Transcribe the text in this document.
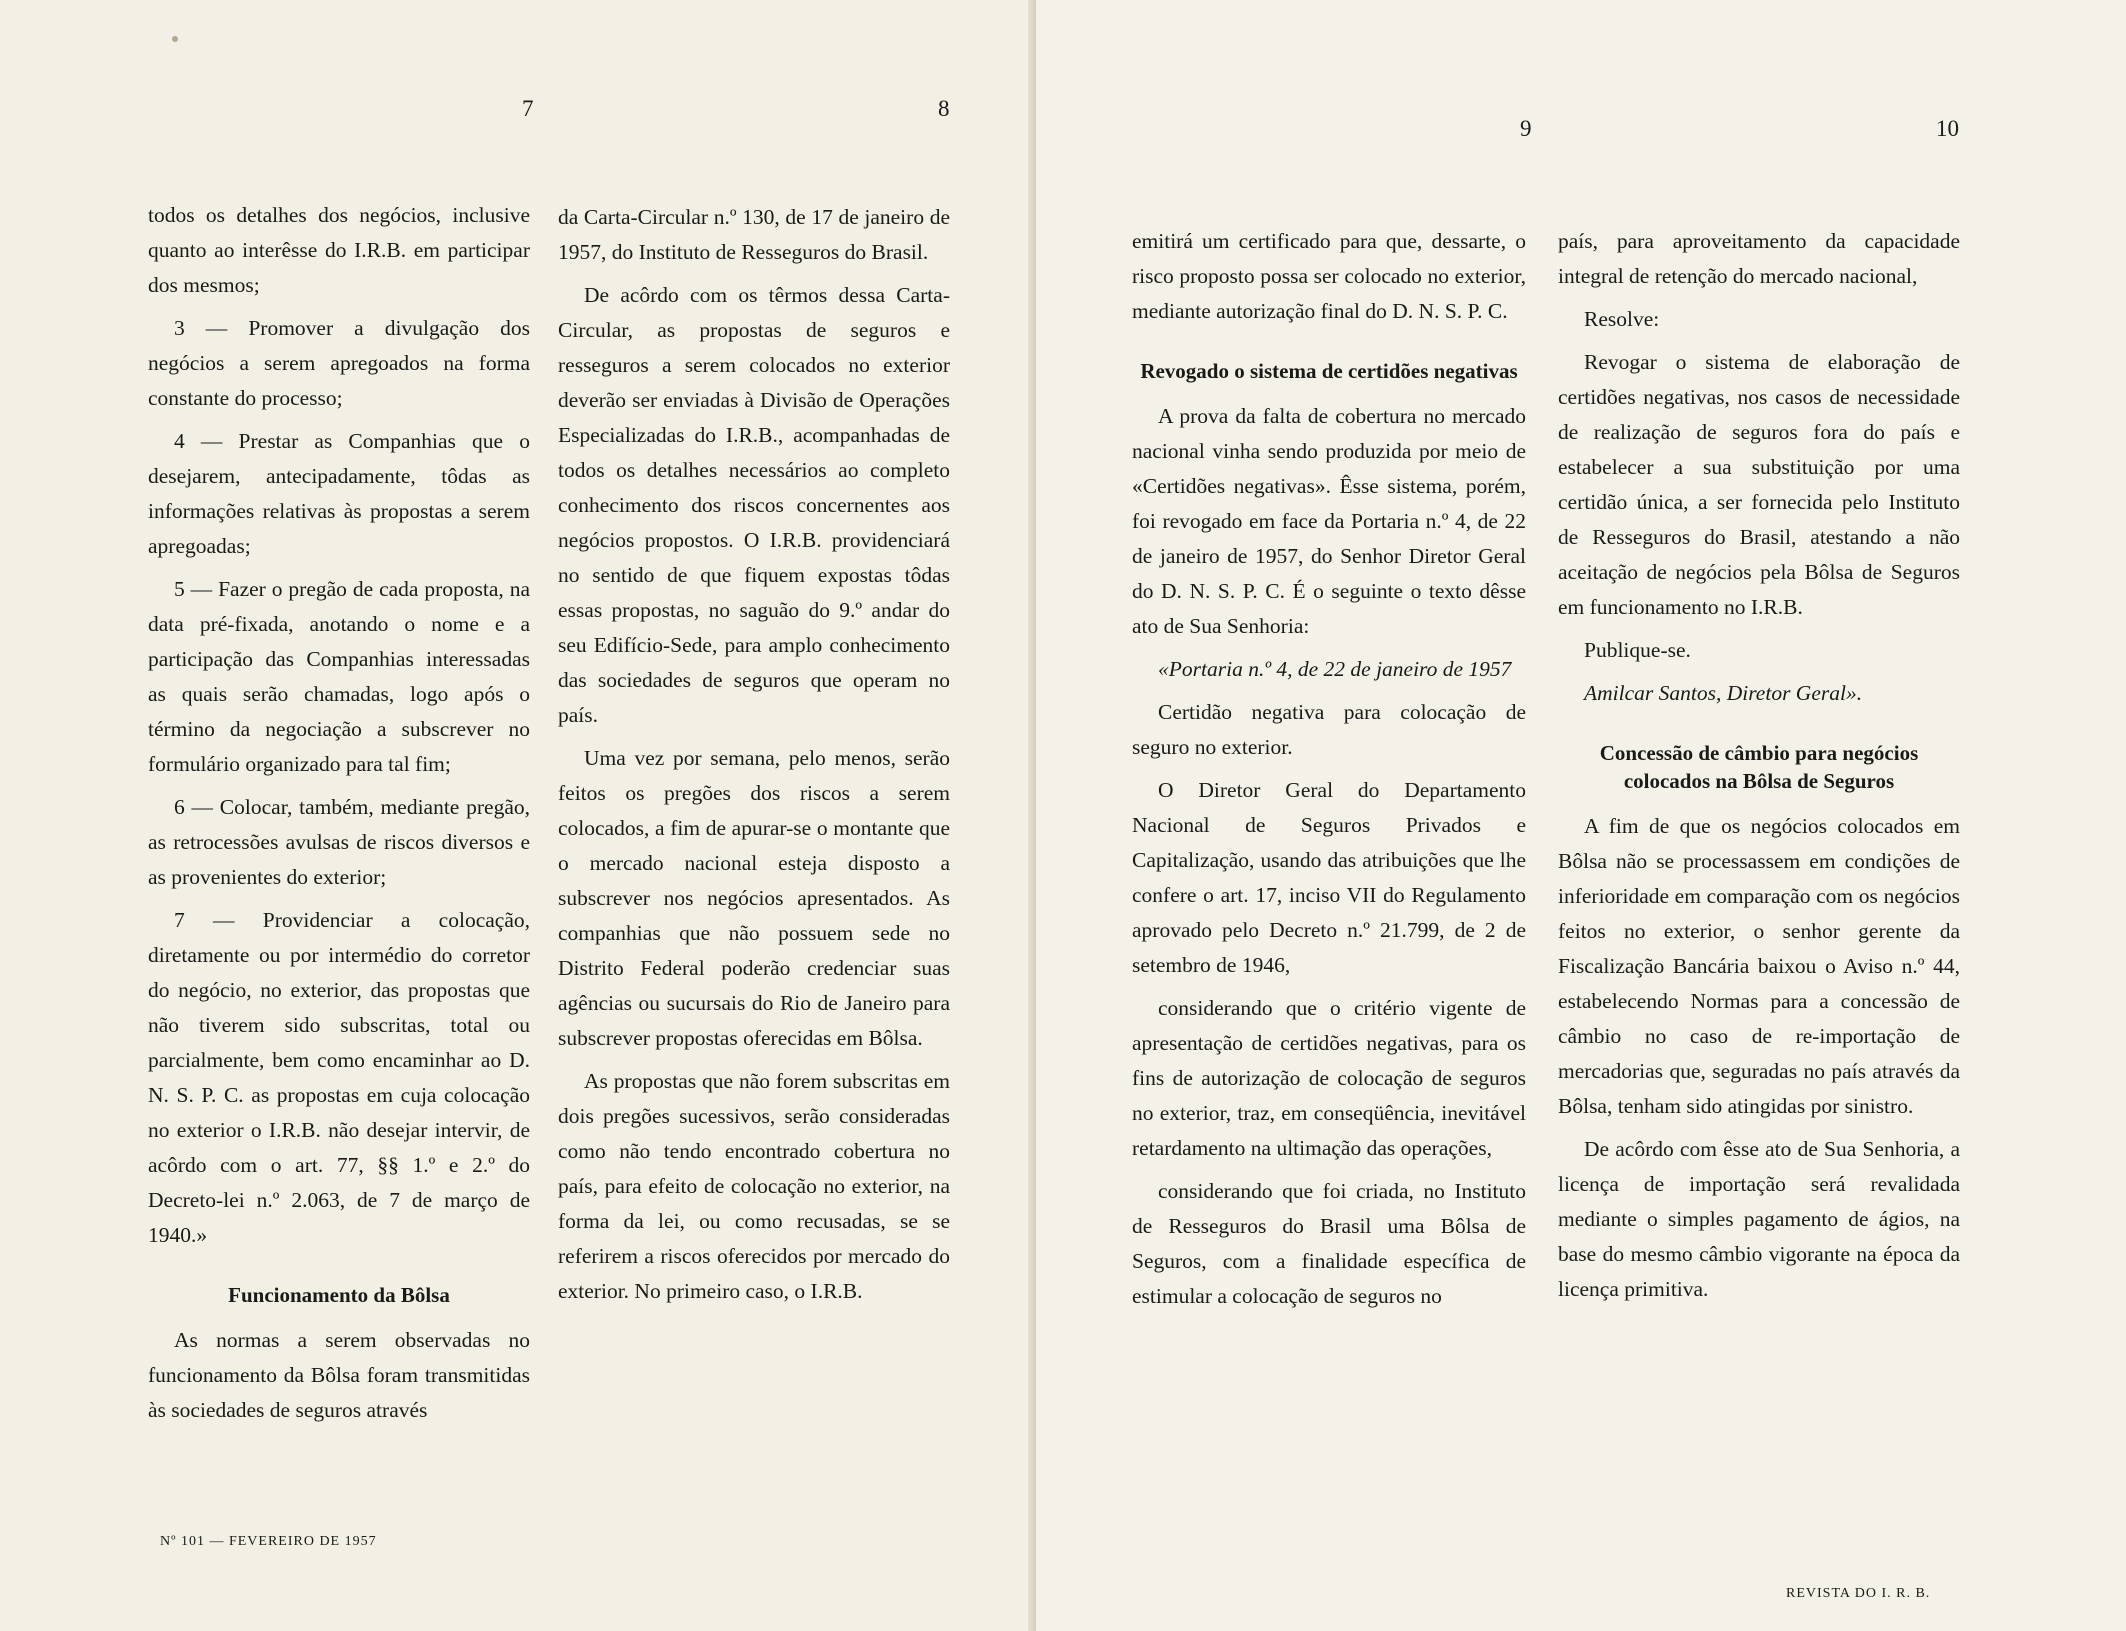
7	8

todos os detalhes dos negócios, inclusive quanto ao interêsse do I.R.B. em participar dos mesmos;

3 — Promover a divulgação dos negócios a serem apregoados na forma constante do processo;

4 — Prestar as Companhias que o desejarem, antecipadamente, tôdas as informações relativas às propostas a serem apregoadas;

5 — Fazer o pregão de cada proposta, na data pré-fixada, anotando o nome e a participação das Companhias interessadas as quais serão chamadas, logo após o término da negociação a subscrever no formulário organizado para tal fim;

6 — Colocar, também, mediante pregão, as retrocessões avulsas de riscos diversos e as provenientes do exterior;

7 — Providenciar a colocação, diretamente ou por intermédio do corretor do negócio, no exterior, das propostas que não tiverem sido subscritas, total ou parcialmente, bem como encaminhar ao D. N. S. P. C. as propostas em cuja colocação no exterior o I.R.B. não desejar intervir, de acôrdo com o art. 77, §§ 1.º e 2.º do Decreto-lei n.º 2.063, de 7 de março de 1940.»

Funcionamento da Bôlsa

As normas a serem observadas no funcionamento da Bôlsa foram transmitidas às sociedades de seguros através

da Carta-Circular n.º 130, de 17 de janeiro de 1957, do Instituto de Resseguros do Brasil.

De acôrdo com os têrmos dessa Carta-Circular, as propostas de seguros e resseguros a serem colocados no exterior deverão ser enviadas à Divisão de Operações Especializadas do I.R.B., acompanhadas de todos os detalhes necessários ao completo conhecimento dos riscos concernentes aos negócios propostos. O I.R.B. providenciará no sentido de que fiquem expostas tôdas essas propostas, no saguão do 9.º andar do seu Edifício-Sede, para amplo conhecimento das sociedades de seguros que operam no país.

Uma vez por semana, pelo menos, serão feitos os pregões dos riscos a serem colocados, a fim de apurar-se o montante que o mercado nacional esteja disposto a subscrever nos negócios apresentados. As companhias que não possuem sede no Distrito Federal poderão credenciar suas agências ou sucursais do Rio de Janeiro para subscrever propostas oferecidas em Bôlsa.

As propostas que não forem subscritas em dois pregões sucessivos, serão consideradas como não tendo encontrado cobertura no país, para efeito de colocação no exterior, na forma da lei, ou como recusadas, se se referirem a riscos oferecidos por mercado do exterior. No primeiro caso, o I.R.B.

Nº 101 — FEVEREIRO DE 1957
9	10

emitirá um certificado para que, dessarte, o risco proposto possa ser colocado no exterior, mediante autorização final do D. N. S. P. C.

Revogado o sistema de certidões negativas

A prova da falta de cobertura no mercado nacional vinha sendo produzida por meio de «Certidões negativas». Êsse sistema, porém, foi revogado em face da Portaria n.º 4, de 22 de janeiro de 1957, do Senhor Diretor Geral do D. N. S. P. C. É o seguinte o texto dêsse ato de Sua Senhoria:

«Portaria n.º 4, de 22 de janeiro de 1957

Certidão negativa para colocação de seguro no exterior.

O Diretor Geral do Departamento Nacional de Seguros Privados e Capitalização, usando das atribuições que lhe confere o art. 17, inciso VII do Regulamento aprovado pelo Decreto n.º 21.799, de 2 de setembro de 1946,

considerando que o critério vigente de apresentação de certidões negativas, para os fins de autorização de colocação de seguros no exterior, traz, em conseqüência, inevitável retardamento na ultimação das operações,

considerando que foi criada, no Instituto de Resseguros do Brasil uma Bôlsa de Seguros, com a finalidade específica de estimular a colocação de seguros no

país, para aproveitamento da capacidade integral de retenção do mercado nacional,

Resolve:

Revogar o sistema de elaboração de certidões negativas, nos casos de necessidade de realização de seguros fora do país e estabelecer a sua substituição por uma certidão única, a ser fornecida pelo Instituto de Resseguros do Brasil, atestando a não aceitação de negócios pela Bôlsa de Seguros em funcionamento no I.R.B.

Publique-se.

Amilcar Santos, Diretor Geral».

Concessão de câmbio para negócios colocados na Bôlsa de Seguros

A fim de que os negócios colocados em Bôlsa não se processassem em condições de inferioridade em comparação com os negócios feitos no exterior, o senhor gerente da Fiscalização Bancária baixou o Aviso n.º 44, estabelecendo Normas para a concessão de câmbio no caso de re-importação de mercadorias que, seguradas no país através da Bôlsa, tenham sido atingidas por sinistro.

De acôrdo com êsse ato de Sua Senhoria, a licença de importação será revalidada mediante o simples pagamento de ágios, na base do mesmo câmbio vigorante na época da licença primitiva.

REVISTA DO I. R. B.
